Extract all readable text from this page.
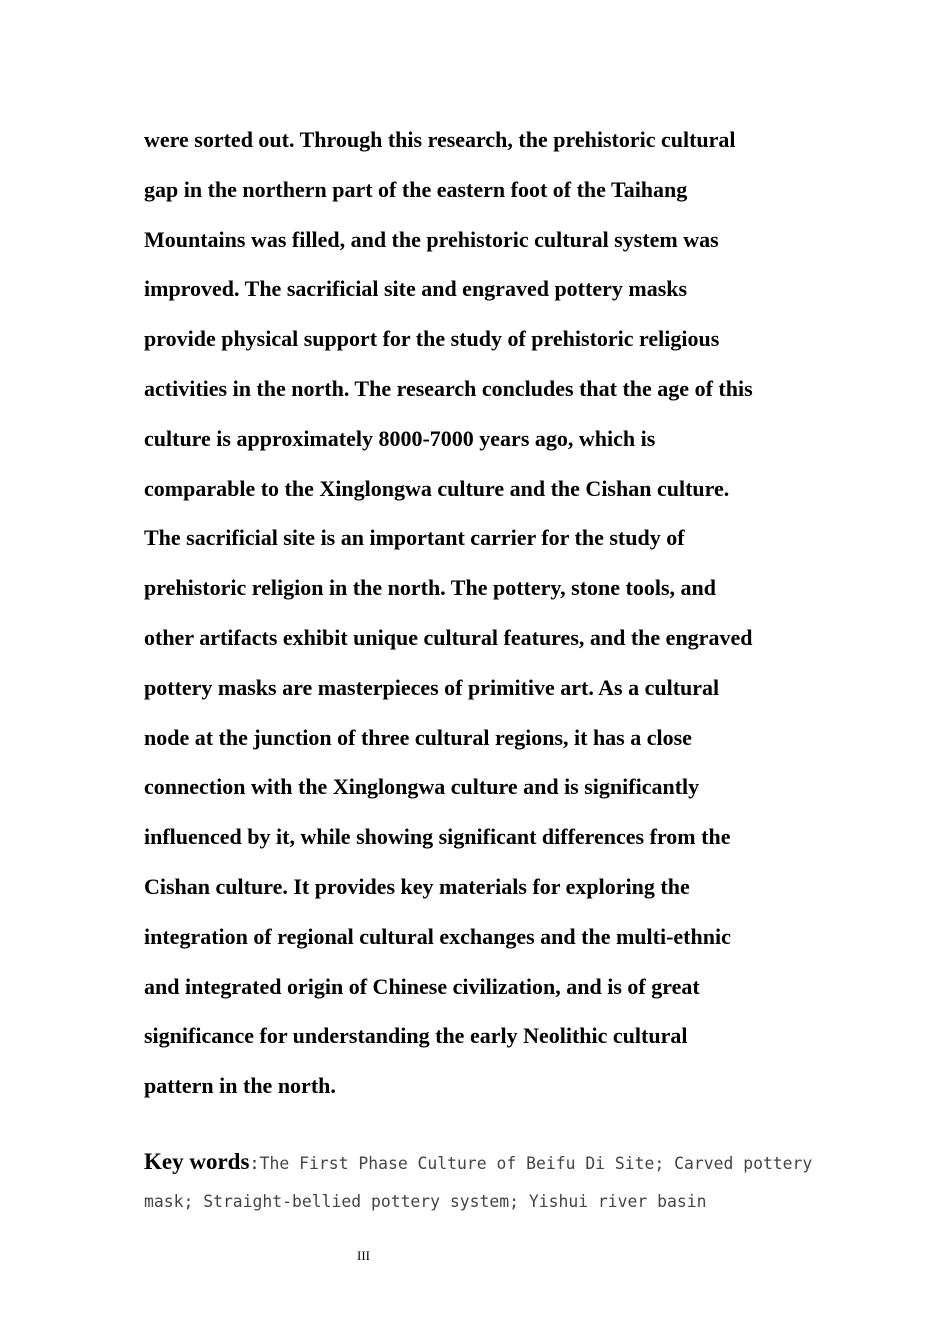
were sorted out. Through this research, the prehistoric cultural
gap in the northern part of the eastern foot of the Taihang
Mountains was filled, and the prehistoric cultural system was
improved. The sacrificial site and engraved pottery masks
provide physical support for the study of prehistoric religious
activities in the north. The research concludes that the age of this
culture is approximately 8000-7000 years ago, which is
comparable to the Xinglongwa culture and the Cishan culture.
The sacrificial site is an important carrier for the study of
prehistoric religion in the north. The pottery, stone tools, and
other artifacts exhibit unique cultural features, and the engraved
pottery masks are masterpieces of primitive art. As a cultural
node at the junction of three cultural regions, it has a close
connection with the Xinglongwa culture and is significantly
influenced by it, while showing significant differences from the
Cishan culture. It provides key materials for exploring the
integration of regional cultural exchanges and the multi-ethnic
and integrated origin of Chinese civilization, and is of great
significance for understanding the early Neolithic cultural
pattern in the north.
Key words:The First Phase Culture of Beifu Di Site; Carved pottery
mask; Straight-bellied pottery system; Yishui river basin
III
